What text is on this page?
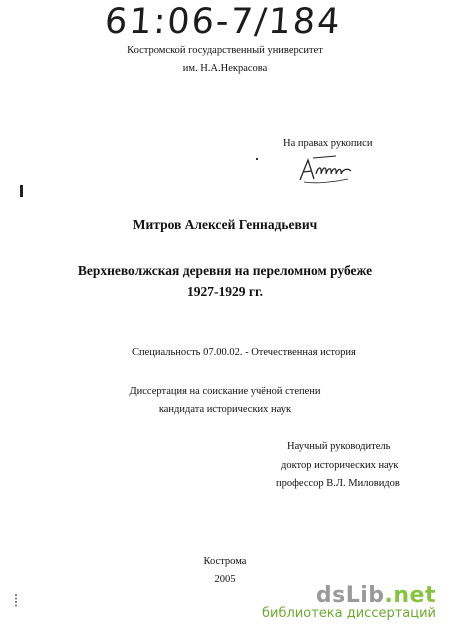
61:06-7/184
Костромской государственный университет
им. Н.А.Некрасова
На правах рукописи
Митров Алексей Геннадьевич
Верхневолжская деревня на переломном рубеже
1927-1929 гг.
Специальность 07.00.02. - Отечественная история
Диссертация на соискание учёной степени
кандидата исторических наук
Научный руководитель
доктор исторических наук
профессор В.Л. Миловидов
Кострома
2005
dsLib.net
библиотека диссертаций
